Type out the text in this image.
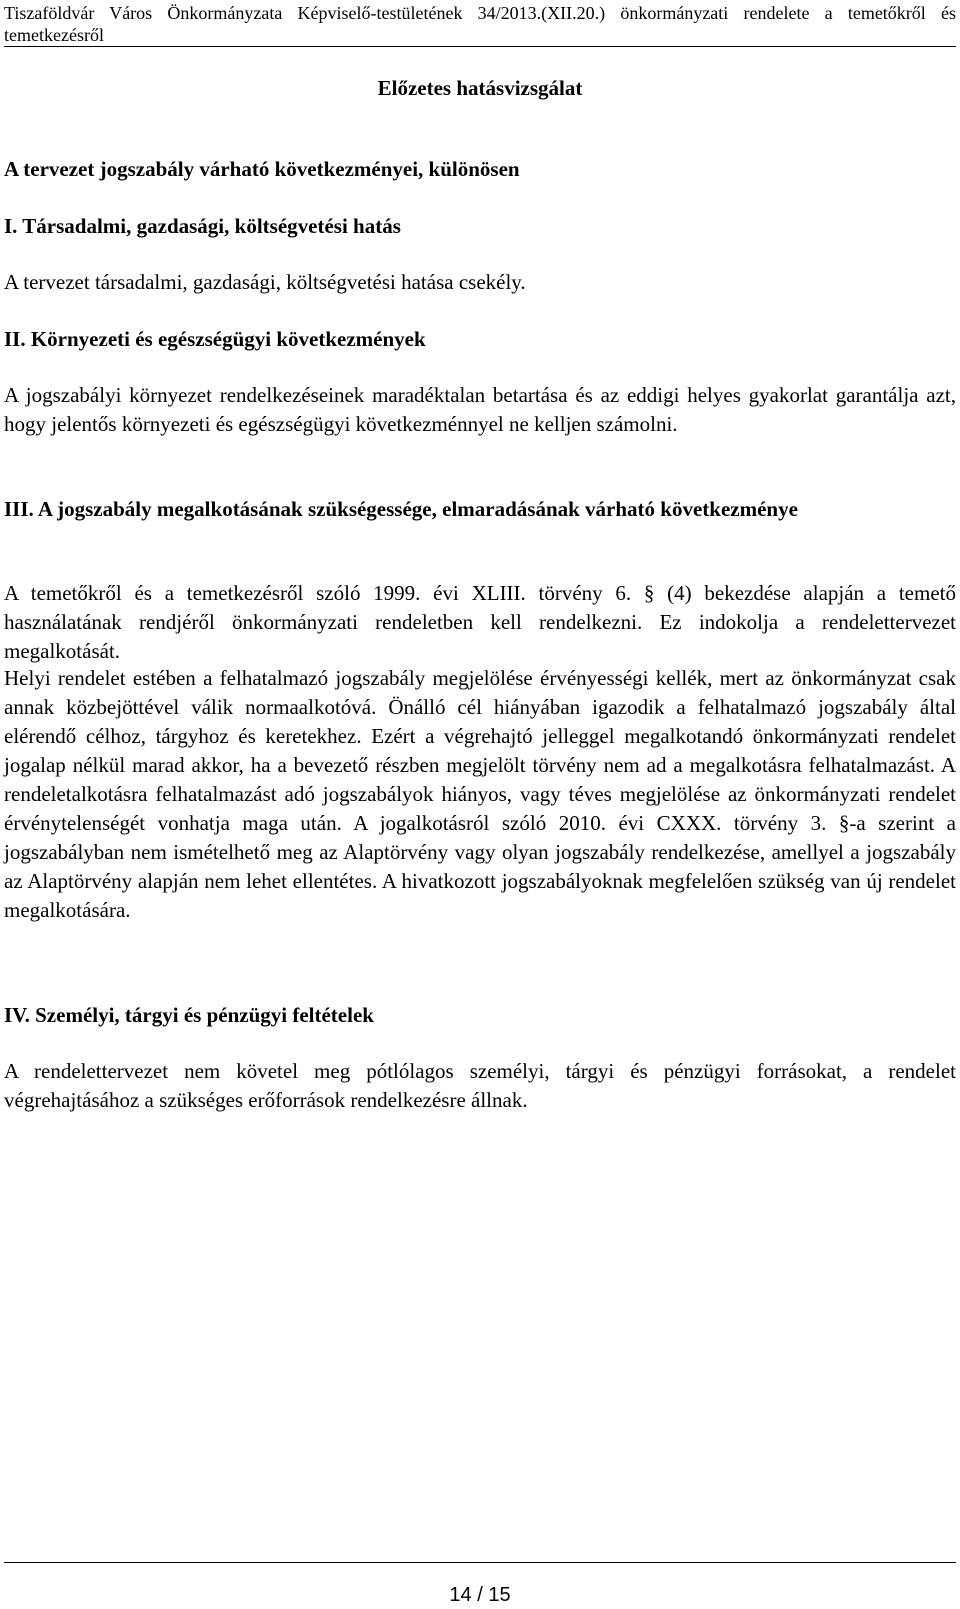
Tiszaföldvár Város Önkormányzata Képviselő-testületének 34/2013.(XII.20.) önkormányzati rendelete a temetőkről és temetkezésről
Előzetes hatásvizsgálat

A tervezet jogszabály várható következményei, különösen

I. Társadalmi, gazdasági, költségvetési hatás

A tervezet társadalmi, gazdasági, költségvetési hatása csekély.

II. Környezeti és egészségügyi következmények

A jogszabályi környezet rendelkezéseinek maradéktalan betartása és az eddigi helyes gyakorlat garantálja azt, hogy jelentős környezeti és egészségügyi következménnyel ne kelljen számolni.

III. A jogszabály megalkotásának szükségessége, elmaradásának várható következménye

A temetőkről és a temetkezésről szóló 1999. évi XLIII. törvény 6. § (4) bekezdése alapján a temető használatának rendjéről önkormányzati rendeletben kell rendelkezni. Ez indokolja a rendelettervezet megalkotását.

Helyi rendelet estében a felhatalmazó jogszabály megjelölése érvényességi kellék, mert az önkormányzat csak annak közbejöttével válik normaalkotóvá. Önálló cél hiányában igazodik a felhatalmazó jogszabály által elérendő célhoz, tárgyhoz és keretekhez. Ezért a végrehajtó jelleggel megalkotandó önkormányzati rendelet jogalap nélkül marad akkor, ha a bevezető részben megjelölt törvény nem ad a megalkotásra felhatalmazást. A rendeletalkotásra felhatalmazást adó jogszabályok hiányos, vagy téves megjelölése az önkormányzati rendelet érvénytelenségét vonhatja maga után. A jogalkotásról szóló 2010. évi CXXX. törvény 3. §-a szerint a jogszabályban nem ismételhető meg az Alaptörvény vagy olyan jogszabály rendelkezése, amellyel a jogszabály az Alaptörvény alapján nem lehet ellentétes. A hivatkozott jogszabályoknak megfelelően szükség van új rendelet megalkotására.

IV. Személyi, tárgyi és pénzügyi feltételek

A rendelettervezet nem követel meg pótlólagos személyi, tárgyi és pénzügyi forrásokat, a rendelet végrehajtásához a szükséges erőforrások rendelkezésre állnak.

14 / 15
